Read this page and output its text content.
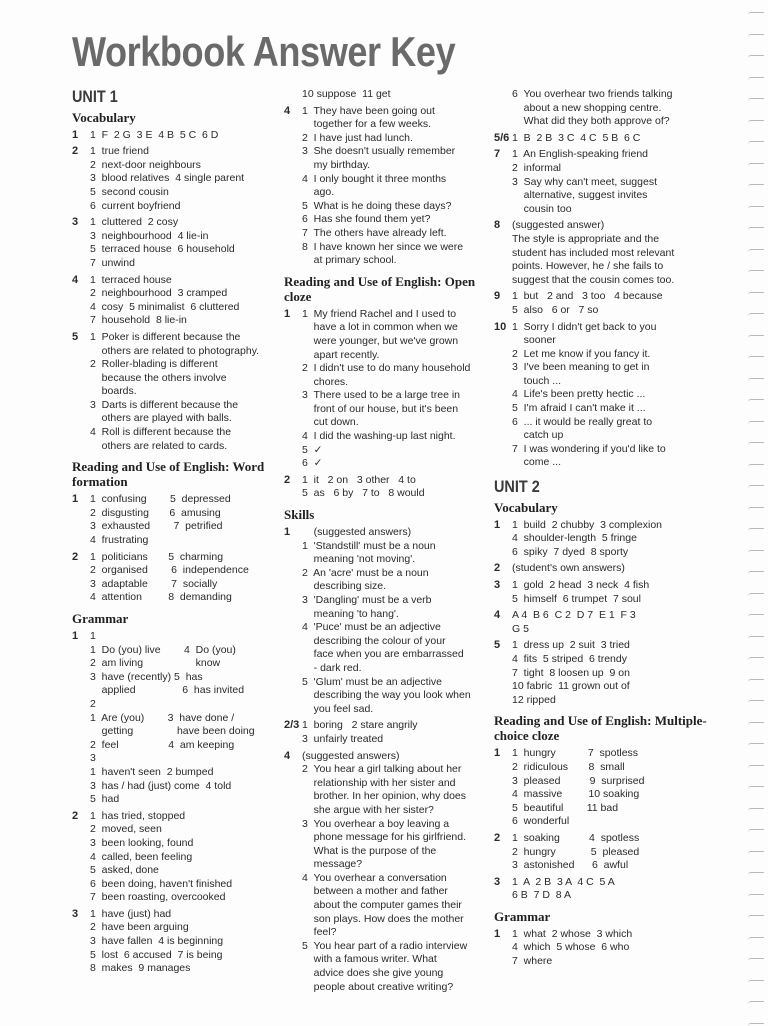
Workbook Answer Key
UNIT 1
Vocabulary
1	1  F  2 G  3 E  4 B  5 C  6 D
2	1  true friend
2  next-door neighbours
3  blood relatives  4 single parent
5  second cousin
6  current boyfriend
3	1  cluttered  2 cosy
3  neighbourhood  4 lie-in
5  terraced house  6 household
7  unwind
4	1  terraced house
2  neighbourhood  3 cramped
4  cosy  5 minimalist  6 cluttered
7  household  8 lie-in
5	1  Poker is different because the
others are related to photography.
2  Roller-blading is different
because the others involve
boards.
3  Darts is different because the
others are played with balls.
4  Roll is different because the
others are related to cards.
Reading and Use of English: Word formation
1	1  confusing        5  depressed
2  disgusting       6  amusing
3  exhausted        7  petrified
4  frustrating
2	1  politicians       5  charming
2  organised        6  independence
3  adaptable        7  socially
4  attention         8  demanding
Grammar
1	1
1  Do (you) live        4  Do (you)
2  am living                  know
3  have (recently) 5  has
applied                6  has invited
2
1  Are (you)        3  have done /
getting               have been doing
2  feel                 4  am keeping
3
1  haven't seen  2 bumped
3  has / had (just) come  4 told
5  had
2	1  has tried, stopped
2  moved, seen
3  been looking, found
4  called, been feeling
5  asked, done
6  been doing, haven't finished
7  been roasting, overcooked
3	1  have (just) had
2  have been arguing
3  have fallen  4 is beginning
5  lost  6 accused  7 is being
8  makes  9 manages
10 suppose  11 get
4	1  They have been going out
together for a few weeks.
2  I have just had lunch.
3  She doesn't usually remember
my birthday.
4  I only bought it three months
ago.
5  What is he doing these days?
6  Has she found them yet?
7  The others have already left.
8  I have known her since we were
at primary school.
Reading and Use of English: Open cloze
1	1  My friend Rachel and I used to
have a lot in common when we
were younger, but we've grown
apart recently.
2  I didn't use to do many household
chores.
3  There used to be a large tree in
front of our house, but it's been
cut down.
4  I did the washing-up last night.
5  ✓
6  ✓
2	1  it   2 on   3 other   4 to
5  as   6 by   7 to   8 would
Skills
1	(suggested answers)
1  'Standstill' must be a noun
meaning 'not moving'.
2  An 'acre' must be a noun
describing size.
3  'Dangling' must be a verb
meaning 'to hang'.
4  'Puce' must be an adjective
describing the colour of your
face when you are embarrassed
- dark red.
5  'Glum' must be an adjective
describing the way you look when
you feel sad.
2/3 1  boring   2 stare angrily
3  unfairly treated
4	(suggested answers)
2  You hear a girl talking about her
relationship with her sister and
brother. In her opinion, why does
she argue with her sister?
3  You overhear a boy leaving a
phone message for his girlfriend.
What is the purpose of the
message?
4  You overhear a conversation
between a mother and father
about the computer games their
son plays. How does the mother
feel?
5  You hear part of a radio interview
with a famous writer. What
advice does she give young
people about creative writing?
6  You overhear two friends talking
about a new shopping centre.
What did they both approve of?
5/6 1  B  2 B  3 C  4 C  5 B  6 C
7	1  An English-speaking friend
2  informal
3  Say why can't meet, suggest
alternative, suggest invites
cousin too
8	(suggested answer)
The style is appropriate and the
student has included most relevant
points. However, he / she fails to
suggest that the cousin comes too.
9	1  but   2 and   3 too   4 because
5  also   6 or   7 so
10 1  Sorry I didn't get back to you
sooner
2  Let me know if you fancy it.
3  I've been meaning to get in
touch ...
4  Life's been pretty hectic ...
5  I'm afraid I can't make it ...
6  ... it would be really great to
catch up
7  I was wondering if you'd like to
come ...
UNIT 2
Vocabulary
1	1  build  2 chubby  3 complexion
4  shoulder-length  5 fringe
6  spiky  7 dyed  8 sporty
2	(student's own answers)
3	1  gold  2 head  3 neck  4 fish
5  himself  6 trumpet  7 soul
4	A 4  B 6  C 2  D 7  E 1  F 3
G 5
5	1  dress up  2 suit  3 tried
4  fits  5 striped  6 trendy
7  tight  8 loosen up  9 on
10 fabric  11 grown out of
12 ripped
Reading and Use of English: Multiple-choice cloze
1	1  hungry           7  spotless
2  ridiculous       8  small
3  pleased          9  surprised
4  massive         10 soaking
5  beautiful        11 bad
6  wonderful
2	1  soaking          4  spotless
2  hungry            5  pleased
3  astonished      6  awful
3	1  A  2 B  3 A  4 C  5 A
6 B  7 D  8 A
Grammar
1	1  what  2 whose  3 which
4  which  5 whose  6 who
7  where
